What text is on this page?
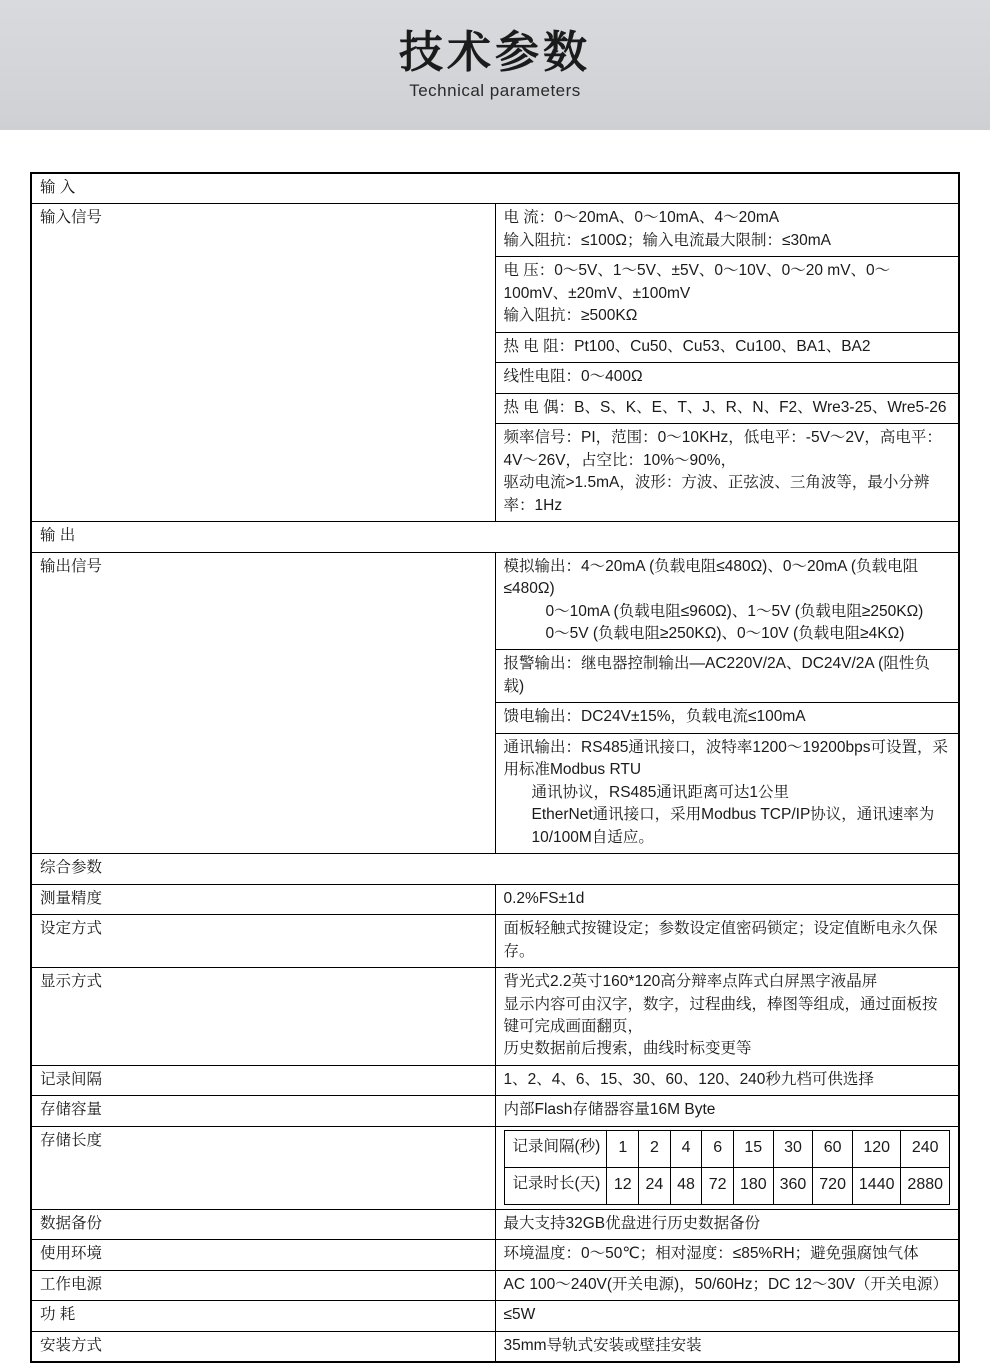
技术参数
Technical parameters
输 入
输入信号	电 流：0～20mA、0～10mA、4～20mA
输入阻抗：≤100Ω；输入电流最大限制：≤30mA
电 压：0～5V、1～5V、±5V、0～10V、0～20 mV、0～100mV、±20mV、±100mV
输入阻抗：≥500KΩ
热 电 阻：Pt100、Cu50、Cu53、Cu100、BA1、BA2
线性电阻：0～400Ω
热 电 偶：B、S、K、E、T、J、R、N、F2、Wre3-25、Wre5-26
频率信号：PI，范围：0～10KHz，低电平：-5V～2V，高电平：4V～26V，占空比：10%～90%，
驱动电流>1.5mA，波形：方波、正弦波、三角波等，最小分辨率：1Hz
输 出
输出信号	模拟输出：4～20mA (负载电阻≤480Ω)、0～20mA (负载电阻≤480Ω)
0～10mA (负载电阻≤960Ω)、1～5V (负载电阻≥250KΩ)
0～5V (负载电阻≥250KΩ)、0～10V (负载电阻≥4KΩ)

报警输出：继电器控制输出—AC220V/2A、DC24V/2A (阻性负载)
馈电输出：DC24V±15%，负载电流≤100mA
通讯输出：RS485通讯接口，波特率1200～19200bps可设置，采用标准Modbus RTU
通讯协议，RS485通讯距离可达1公里
EtherNet通讯接口，采用Modbus TCP/IP协议，通讯速率为10/100M自适应。

综合参数
测量精度	0.2%FS±1d
设定方式	面板轻触式按键设定；参数设定值密码锁定；设定值断电永久保存。
显示方式	背光式2.2英寸160*120高分辩率点阵式白屏黑字液晶屏
显示内容可由汉字，数字，过程曲线，棒图等组成，通过面板按键可完成画面翻页，
历史数据前后搜索，曲线时标变更等
记录间隔	1、2、4、6、15、30、60、120、240秒九档可供选择
存储容量	内部Flash存储器容量16M Byte
存储长度		记录间隔(秒)	1	2	4	6	15	30	60	120	240
记录时长(天)	12	24	48	72	180	360	720	1440	2880

数据备份	最大支持32GB优盘进行历史数据备份
使用环境	环境温度：0～50℃；相对湿度：≤85%RH；避免强腐蚀气体
工作电源	AC 100～240V(开关电源)，50/60Hz；DC 12～30V（开关电源）
功 耗	≤5W
安装方式	35mm导轨式安装或壁挂安装
